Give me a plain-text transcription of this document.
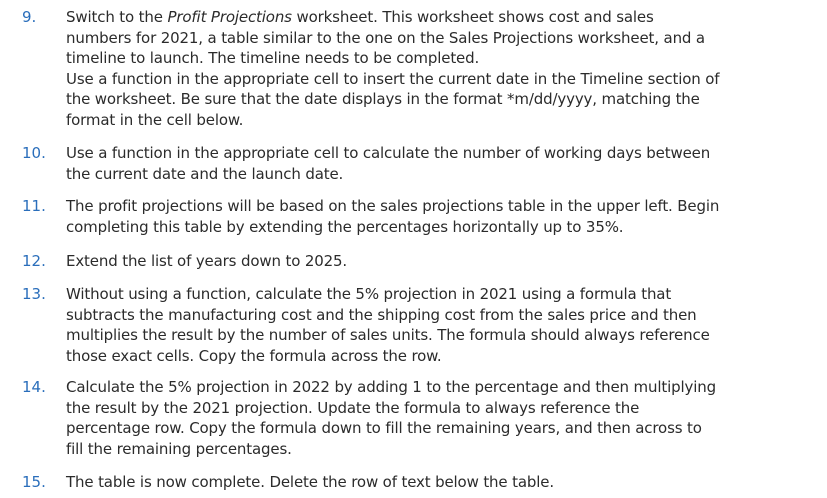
9. Switch to the Profit Projections worksheet. This worksheet shows cost and sales
numbers for 2021, a table similar to the one on the Sales Projections worksheet, and a
timeline to launch. The timeline needs to be completed.
Use a function in the appropriate cell to insert the current date in the Timeline section of
the worksheet. Be sure that the date displays in the format *m/dd/yyyy, matching the
format in the cell below.
10. Use a function in the appropriate cell to calculate the number of working days between
the current date and the launch date.
11. The profit projections will be based on the sales projections table in the upper left. Begin
completing this table by extending the percentages horizontally up to 35%.
12. Extend the list of years down to 2025.
13. Without using a function, calculate the 5% projection in 2021 using a formula that
subtracts the manufacturing cost and the shipping cost from the sales price and then
multiplies the result by the number of sales units. The formula should always reference
those exact cells. Copy the formula across the row.
14. Calculate the 5% projection in 2022 by adding 1 to the percentage and then multiplying
the result by the 2021 projection. Update the formula to always reference the
percentage row. Copy the formula down to fill the remaining years, and then across to
fill the remaining percentages.
15. The table is now complete. Delete the row of text below the table.
